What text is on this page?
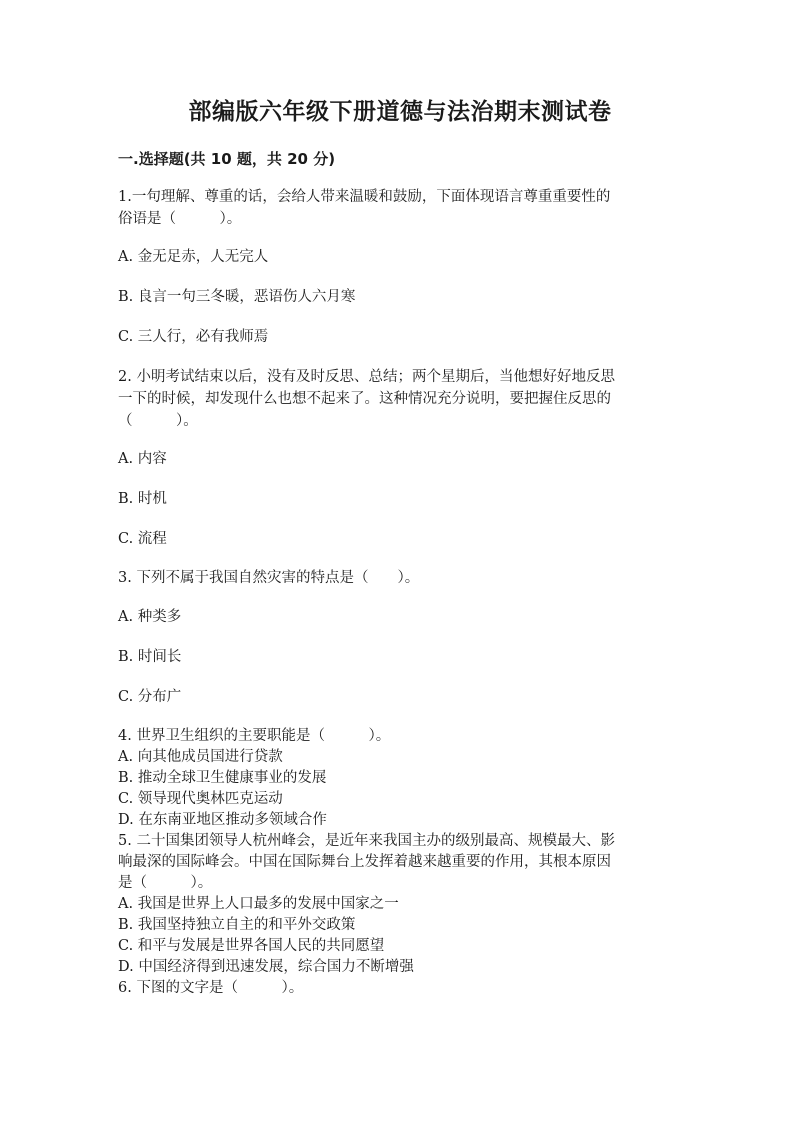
部编版六年级下册道德与法治期末测试卷
一.选择题(共 10 题，共 20 分)
1.一句理解、尊重的话，会给人带来温暖和鼓励，下面体现语言尊重重要性的
俗语是（　　　）。
A. 金无足赤，人无完人
B. 良言一句三冬暖，恶语伤人六月寒
C. 三人行，必有我师焉
2. 小明考试结束以后，没有及时反思、总结；两个星期后，当他想好好地反思
一下的时候，却发现什么也想不起来了。这种情况充分说明，要把握住反思的
（　　　）。
A. 内容
B. 时机
C. 流程
3. 下列不属于我国自然灾害的特点是（　　）。
A. 种类多
B. 时间长
C. 分布广
4. 世界卫生组织的主要职能是（　　　）。
A. 向其他成员国进行贷款
B. 推动全球卫生健康事业的发展
C. 领导现代奥林匹克运动
D. 在东南亚地区推动多领域合作
5. 二十国集团领导人杭州峰会，是近年来我国主办的级别最高、规模最大、影
响最深的国际峰会。中国在国际舞台上发挥着越来越重要的作用，其根本原因
是（　　　）。
A. 我国是世界上人口最多的发展中国家之一
B. 我国坚持独立自主的和平外交政策
C. 和平与发展是世界各国人民的共同愿望
D. 中国经济得到迅速发展，综合国力不断增强
6. 下图的文字是（　　　）。
